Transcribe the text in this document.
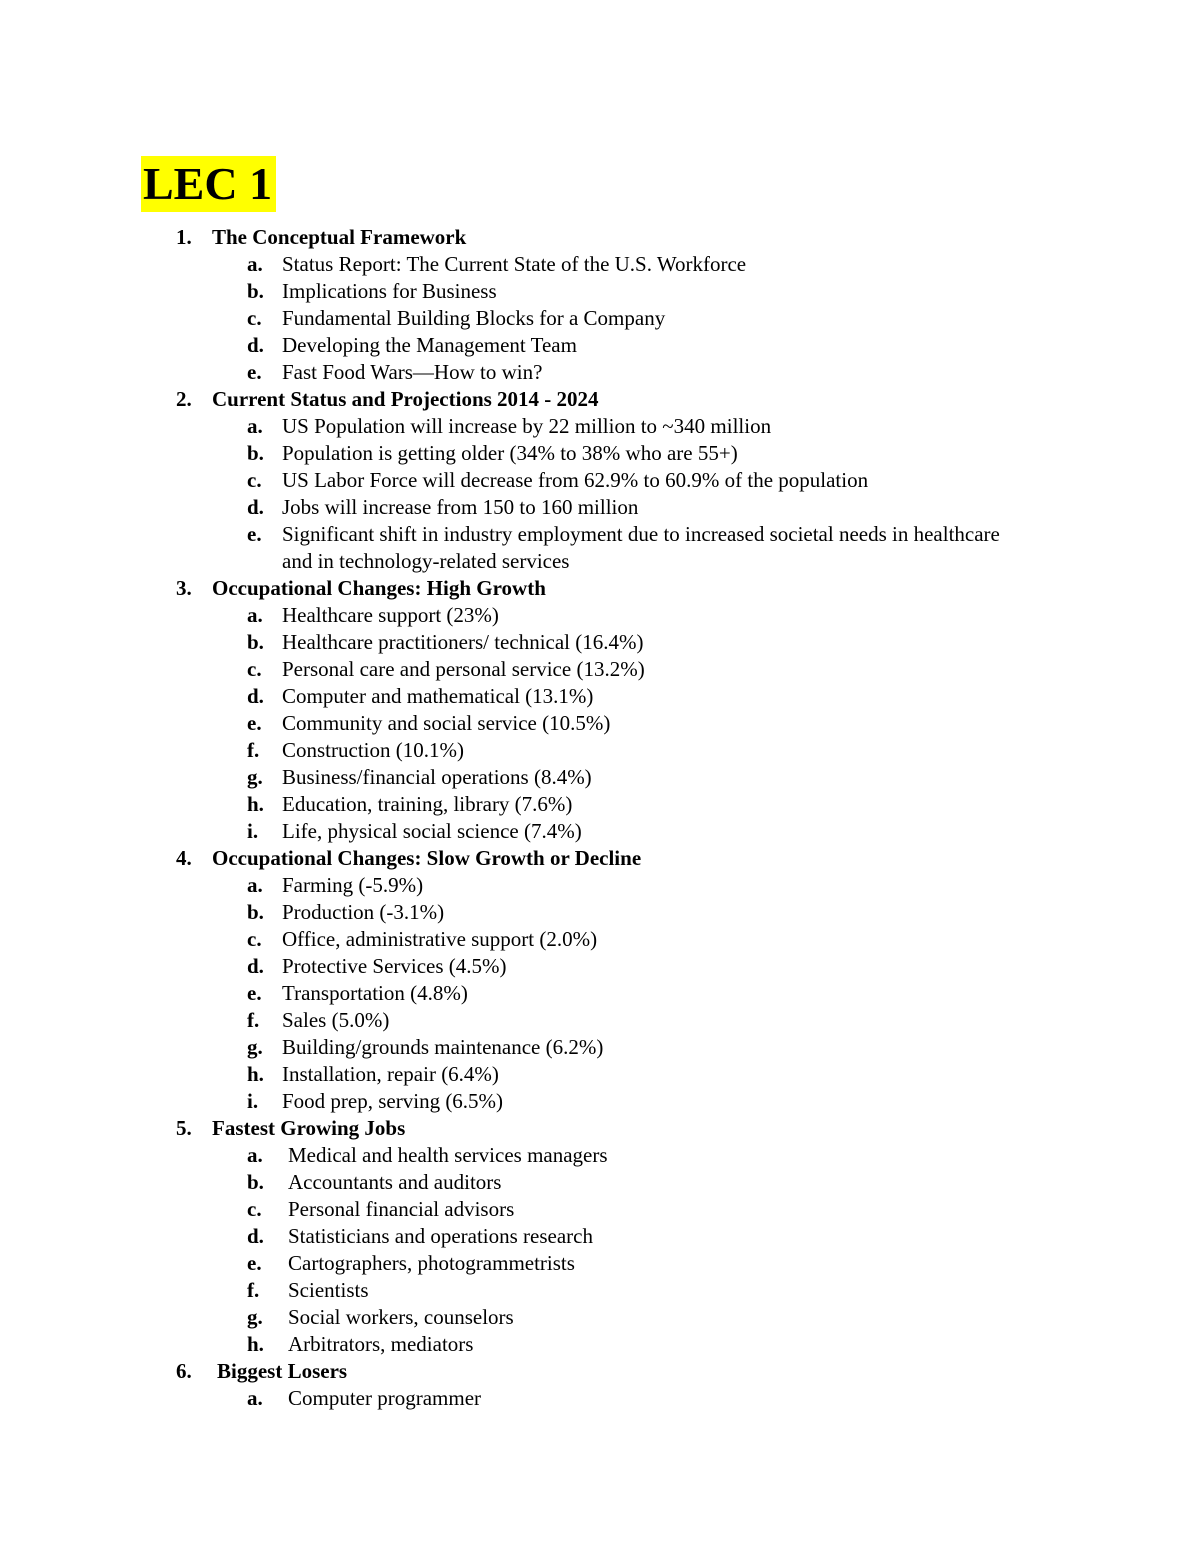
LEC 1
1. The Conceptual Framework
a. Status Report: The Current State of the U.S. Workforce
b. Implications for Business
c. Fundamental Building Blocks for a Company
d. Developing the Management Team
e. Fast Food Wars—How to win?
2. Current Status and Projections 2014 - 2024
a. US Population will increase by 22 million to ~340 million
b. Population is getting older (34% to 38% who are 55+)
c. US Labor Force will decrease from 62.9% to 60.9% of the population
d. Jobs will increase from 150 to 160 million
e. Significant shift in industry employment due to increased societal needs in healthcare and in technology-related services
3. Occupational Changes: High Growth
a. Healthcare support (23%)
b. Healthcare practitioners/ technical (16.4%)
c. Personal care and personal service (13.2%)
d. Computer and mathematical (13.1%)
e. Community and social service (10.5%)
f. Construction (10.1%)
g. Business/financial operations (8.4%)
h. Education, training, library (7.6%)
i. Life, physical social science (7.4%)
4. Occupational Changes: Slow Growth or Decline
a. Farming (-5.9%)
b. Production (-3.1%)
c. Office, administrative support (2.0%)
d. Protective Services (4.5%)
e. Transportation (4.8%)
f. Sales (5.0%)
g. Building/grounds maintenance (6.2%)
h. Installation, repair (6.4%)
i. Food prep, serving (6.5%)
5. Fastest Growing Jobs
a. Medical and health services managers
b. Accountants and auditors
c. Personal financial advisors
d. Statisticians and operations research
e. Cartographers, photogrammetrists
f. Scientists
g. Social workers, counselors
h. Arbitrators, mediators
6. Biggest Losers
a. Computer programmer
